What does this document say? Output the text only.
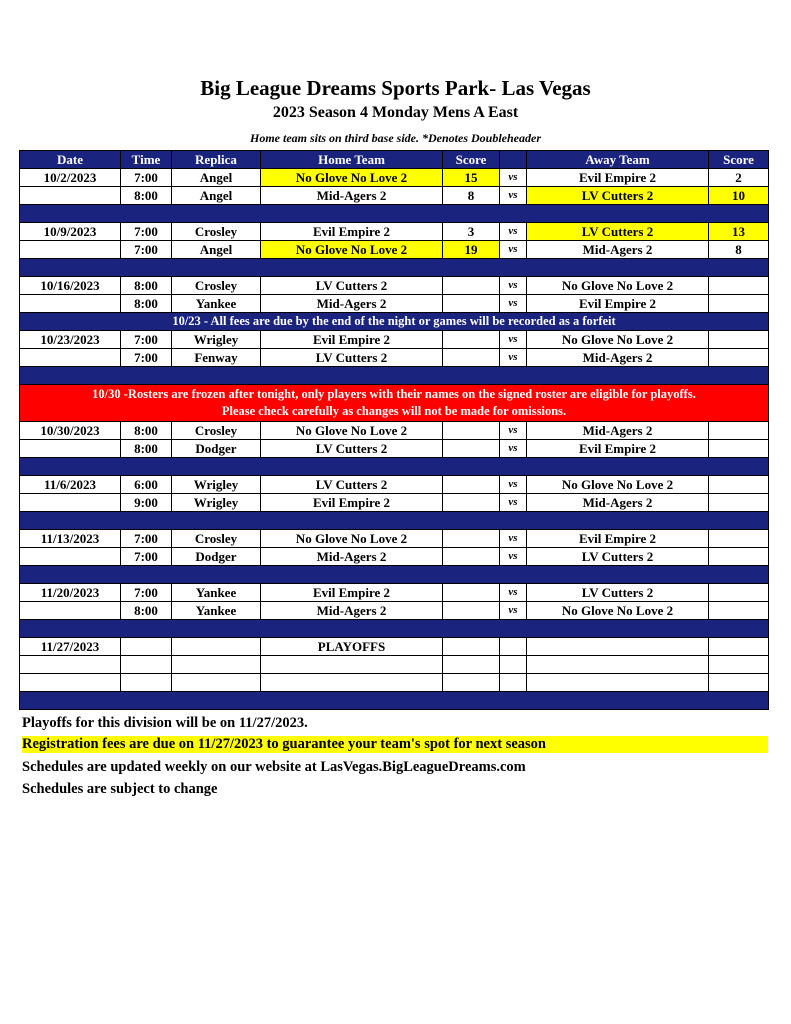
Big League Dreams Sports Park- Las Vegas
2023 Season 4 Monday Mens A East
Home team sits on third base side. *Denotes Doubleheader
Date	Time	Replica	Home Team	Score		Away Team	Score
10/2/2023	7:00	Angel	No Glove No Love 2	15	vs	Evil Empire 2	2
	8:00	Angel	Mid-Agers 2	8	vs	LV Cutters 2	10

10/9/2023	7:00	Crosley	Evil Empire 2	3	vs	LV Cutters 2	13
	7:00	Angel	No Glove No Love 2	19	vs	Mid-Agers 2	8

10/16/2023	8:00	Crosley	LV Cutters 2		vs	No Glove No Love 2	
	8:00	Yankee	Mid-Agers 2		vs	Evil Empire 2	
10/23 - All fees are due by the end of the night or games will be recorded as a forfeit							
10/23/2023	7:00	Wrigley	Evil Empire 2		vs	No Glove No Love 2	
	7:00	Fenway	LV Cutters 2		vs	Mid-Agers 2	

10/30 -Rosters are frozen after tonight, only players with their names on the signed roster are eligible for playoffs.
Please check carefully as changes will not be made for omissions.							

10/30/2023	8:00	Crosley	No Glove No Love 2		vs	Mid-Agers 2	
	8:00	Dodger	LV Cutters 2		vs	Evil Empire 2	

11/6/2023	6:00	Wrigley	LV Cutters 2		vs	No Glove No Love 2	
	9:00	Wrigley	Evil Empire 2		vs	Mid-Agers 2	

11/13/2023	7:00	Crosley	No Glove No Love 2		vs	Evil Empire 2	
	7:00	Dodger	Mid-Agers 2		vs	LV Cutters 2	

11/20/2023	7:00	Yankee	Evil Empire 2		vs	LV Cutters 2	
	8:00	Yankee	Mid-Agers 2		vs	No Glove No Love 2	

11/27/2023			PLAYOFFS				

Playoffs for this division will be on 11/27/2023.
Registration fees are due on 11/27/2023 to guarantee your team's spot for next season
Schedules are updated weekly on our website at LasVegas.BigLeagueDreams.com
Schedules are subject to change
